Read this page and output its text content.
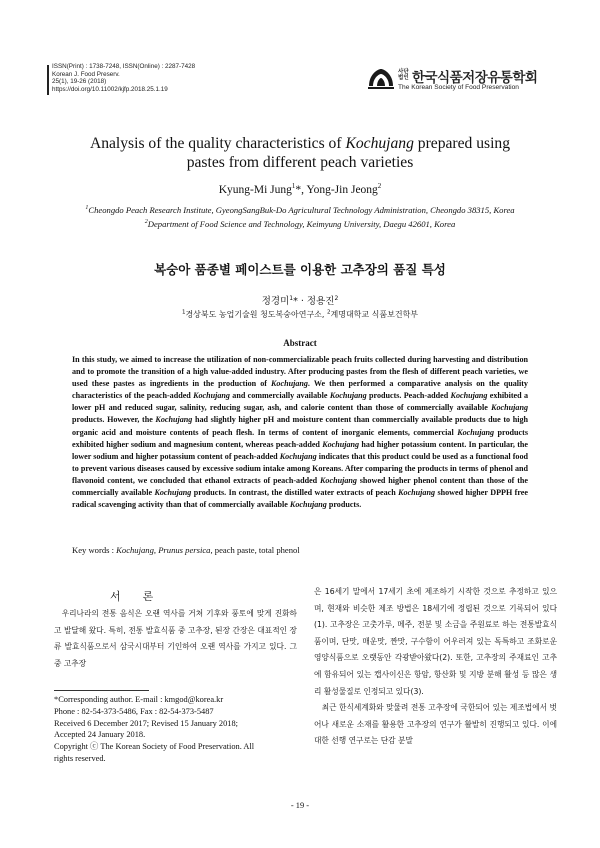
ISSN(Print) : 1738-7248, ISSN(Online) : 2287-7428
Korean J. Food Preserv.
25(1), 19-26 (2018)
https://doi.org/10.11002/kjfp.2018.25.1.19
사단
법인 한국식품저장유통학회
The Korean Society of Food Preservation
Analysis of the quality characteristics of Kochujang prepared using
pastes from different peach varieties
Kyung-Mi Jung$^1$*, Yong-Jin Jeong$^2$
$^1$Cheongdo Peach Research Institute, GyeongSangBuk-Do Agricultural Technology Administration, Cheongdo 38315, Korea
$^2$Department of Food Science and Technology, Keimyung University, Daegu 42601, Korea
복숭아 품종별 페이스트를 이용한 고추장의 품질 특성
정경미$^1$* · 정용진$^2$
$^1$경상북도 농업기술원 청도복숭아연구소, $^2$계명대학교 식품보건학부
Abstract
In this study, we aimed to increase the utilization of non-commercializable peach fruits collected during harvesting and distribution and to promote the transition of a high value-added industry. After producing pastes from the flesh of different peach varieties, we used these pastes as ingredients in the production of Kochujang. We then performed a comparative analysis on the quality characteristics of the peach-added Kochujang and commercially available Kochujang products. Peach-added Kochujang exhibited a lower pH and reduced sugar, salinity, reducing sugar, ash, and calorie content than those of commercially available Kochujang products. However, the Kochujang had slightly higher pH and moisture content than commercially available products due to high organic acid and moisture contents of peach flesh. In terms of content of inorganic elements, commercial Kochujang products exhibited higher sodium and magnesium content, whereas peach-added Kochujang had higher potassium content. In particular, the lower sodium and higher potassium content of peach-added Kochujang indicates that this product could be used as a functional food to prevent various diseases caused by excessive sodium intake among Koreans. After comparing the products in terms of phenol and flavonoid content, we concluded that ethanol extracts of peach-added Kochujang showed higher phenol content than those of the commercially available Kochujang products. In contrast, the distilled water extracts of peach Kochujang showed higher DPPH free radical scavenging activity than that of commercially available Kochujang products.
Key words : Kochujang, Prunus persica, peach paste, total phenol
서론
우리나라의 전통 음식은 오랜 역사를 거쳐 기후와 풍토에 맞게 진화하고 발달해 왔다. 특히, 전통 발효식품 중 고추장, 된장 간장은 대표적인 장류 발효식품으로서 삼국시대부터 기인하여 오랜 역사를 가지고 있다. 그 중 고추장

은 16세기 말에서 17세기 초에 제조하기 시작한 것으로 추정하고 있으며, 현재와 비슷한 제조 방법은 18세기에 정립된 것으로 기록되어 있다(1). 고추장은 고춧가루, 메주, 전분 및 소금을 주원료로 하는 전통발효식품이며, 단맛, 매운맛, 짠맛, 구수함이 어우러져 있는 독특하고 조화로운 영양식품으로 오랫동안 각광받아왔다(2). 또한, 고추장의 주재료인 고추에 함유되어 있는 캡사이신은 항암, 항산화 및 지방 분해 활성 등 많은 생리 활성물질로 인정되고 있다(3).

최근 한식세계화와 맞물려 전통 고추장에 국한되어 있는 제조법에서 벗어나 새로운 소재를 활용한 고추장의 연구가 활발히 진행되고 있다. 이에 대한 선행 연구로는 단감 분말

*Corresponding author. E-mail : kmgod@korea.kr
Phone : 82-54-373-5486, Fax : 82-54-373-5487
Received 6 December 2017; Revised 15 January 2018;
Accepted 24 January 2018.
Copyright ⓒ The Korean Society of Food Preservation. All
rights reserved.
- 19 -
